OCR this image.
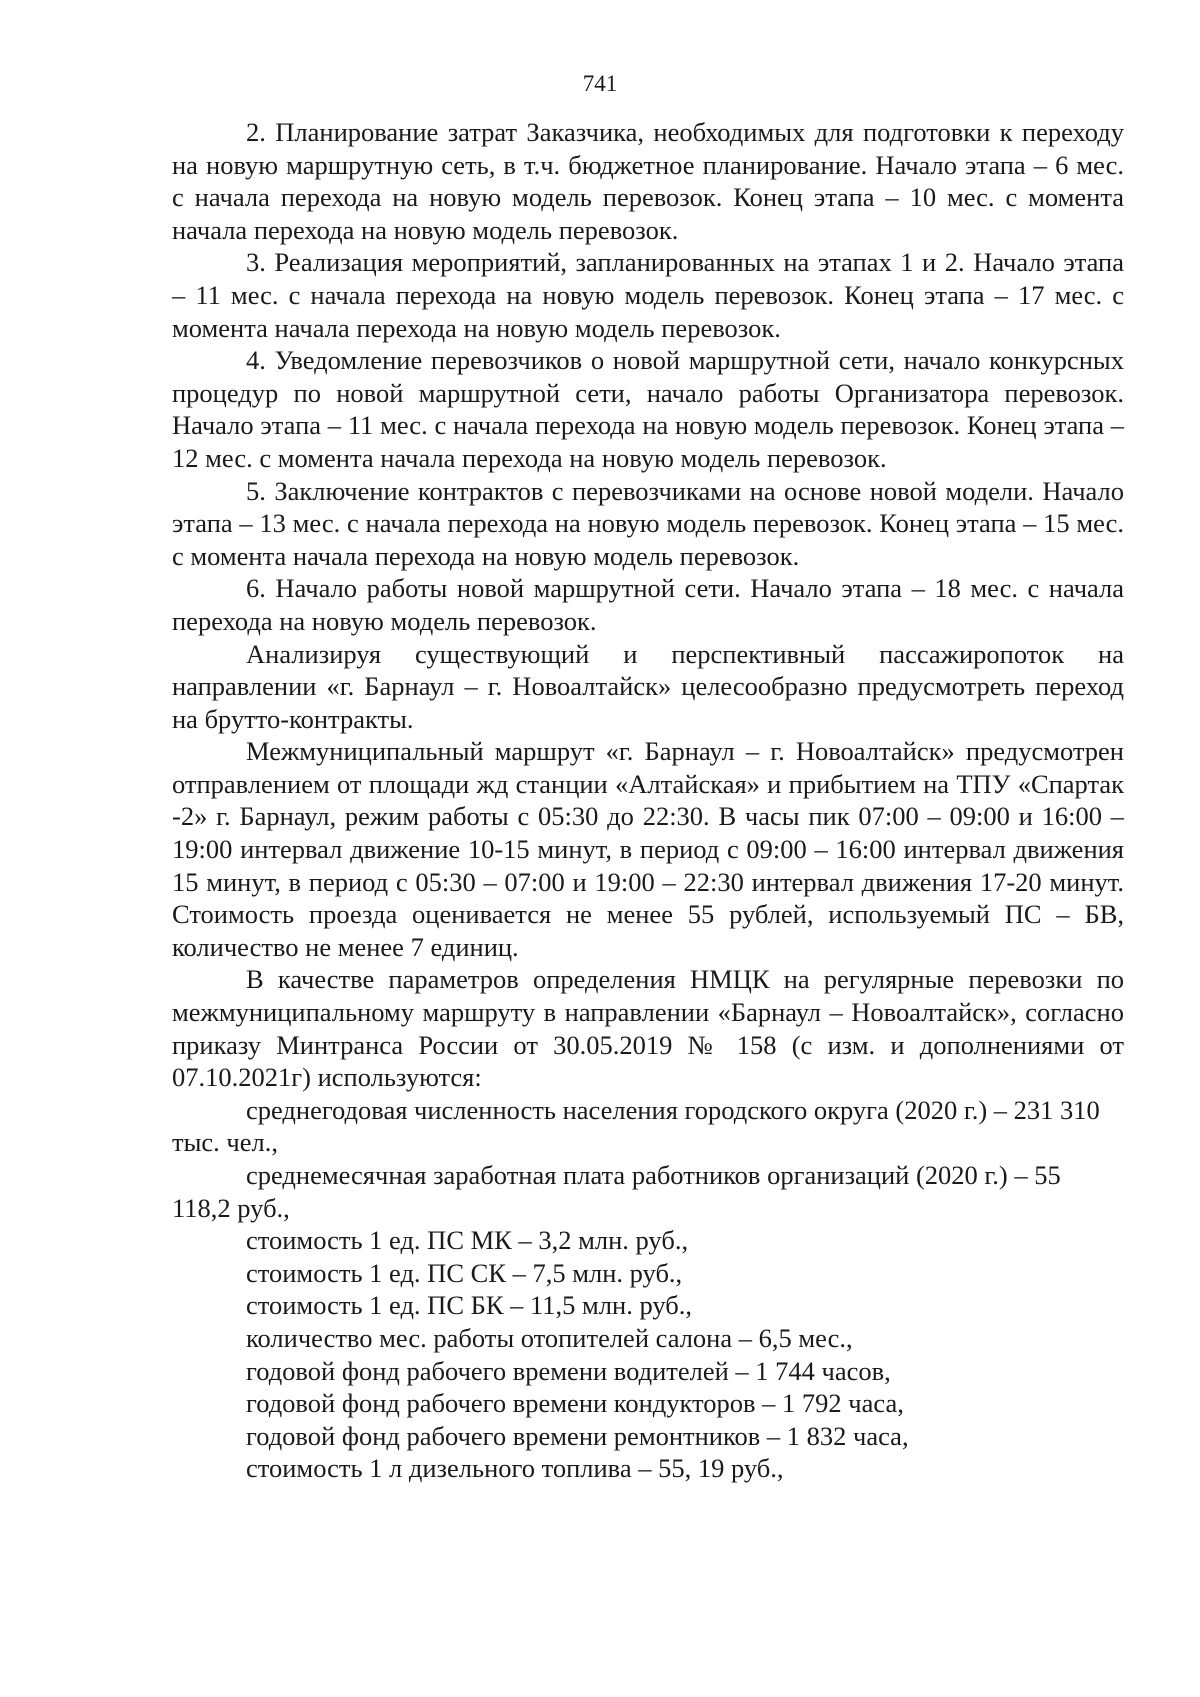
741

2. Планирование затрат Заказчика, необходимых для подготовки к переходу на новую маршрутную сеть, в т.ч. бюджетное планирование. Начало этапа – 6 мес. с начала перехода на новую модель перевозок. Конец этапа – 10 мес. с момента начала перехода на новую модель перевозок.

3. Реализация мероприятий, запланированных на этапах 1 и 2. Начало этапа – 11 мес. с начала перехода на новую модель перевозок. Конец этапа – 17 мес. с момента начала перехода на новую модель перевозок.

4. Уведомление перевозчиков о новой маршрутной сети, начало конкурсных процедур по новой маршрутной сети, начало работы Организатора перевозок. Начало этапа – 11 мес. с начала перехода на новую модель перевозок. Конец этапа – 12 мес. с момента начала перехода на новую модель перевозок.

5. Заключение контрактов с перевозчиками на основе новой модели. Начало этапа – 13 мес. с начала перехода на новую модель перевозок. Конец этапа – 15 мес. с момента начала перехода на новую модель перевозок.

6. Начало работы новой маршрутной сети. Начало этапа – 18 мес. с начала перехода на новую модель перевозок.

Анализируя существующий и перспективный пассажиропоток на направлении «г. Барнаул – г. Новоалтайск» целесообразно предусмотреть переход на брутто-контракты.

Межмуниципальный маршрут «г. Барнаул – г. Новоалтайск» предусмотрен отправлением от площади жд станции «Алтайская» и прибытием на ТПУ «Спартак -2» г. Барнаул, режим работы с 05:30 до 22:30. В часы пик 07:00 – 09:00 и 16:00 – 19:00 интервал движение 10-15 минут, в период с 09:00 – 16:00 интервал движения 15 минут, в период с 05:30 – 07:00 и 19:00 – 22:30 интервал движения 17-20 минут. Стоимость проезда оценивается не менее 55 рублей, используемый ПС – БВ, количество не менее 7 единиц.

В качестве параметров определения НМЦК на регулярные перевозки по межмуниципальному маршруту в направлении «Барнаул – Новоалтайск», согласно приказу Минтранса России от 30.05.2019 № 158 (с изм. и дополнениями от 07.10.2021г) используются:

среднегодовая численность населения городского округа (2020 г.) – 231 310 тыс. чел.,

среднемесячная заработная плата работников организаций (2020 г.) – 55 118,2 руб.,

стоимость 1 ед. ПС МК – 3,2 млн. руб.,

стоимость 1 ед. ПС СК – 7,5 млн. руб.,

стоимость 1 ед. ПС БК – 11,5 млн. руб.,

количество мес. работы отопителей салона – 6,5 мес.,

годовой фонд рабочего времени водителей – 1 744 часов,

годовой фонд рабочего времени кондукторов – 1 792 часа,

годовой фонд рабочего времени ремонтников – 1 832 часа,

стоимость 1 л дизельного топлива – 55, 19 руб.,
